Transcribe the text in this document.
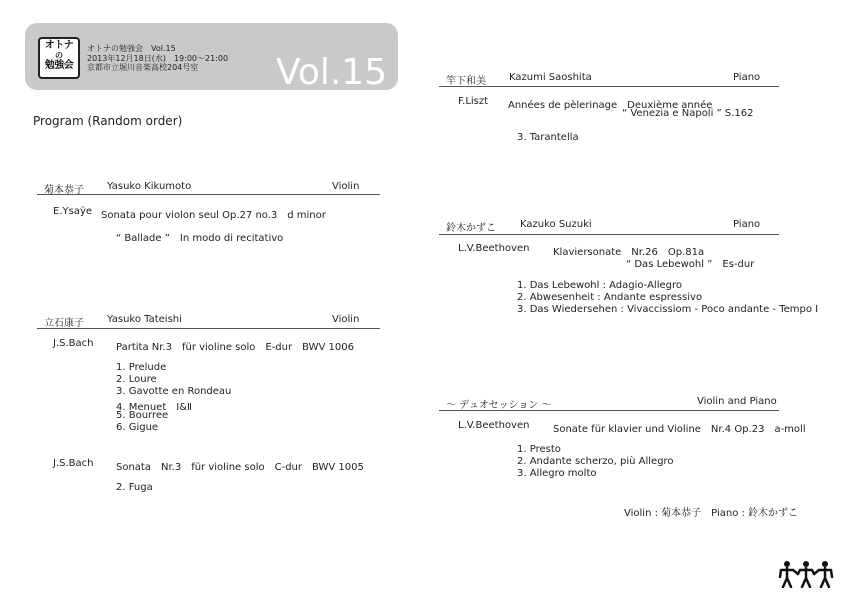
オトナ
の
勉強会
オトナの勉強会　Vol.15
2013年12月18日(水)　19:00～21:00
京都市立堀川音楽高校204号室 Vol.15
Program (Random order)
菊本恭子 Yasuko Kikumoto	Violin
E.Ysaÿe Sonata pour violon seul Op.27 no.3　d minor
“ Ballade ”　In modo di recitativo
立石康子 Yasuko Tateishi	Violin
J.S.Bach Partita Nr.3　für violine solo　E-dur　BWV 1006
1. Prelude
2. Loure
3. Gavotte en Rondeau
4. Menuet　Ⅰ&Ⅱ
5. Bourree
6. Gigue
J.S.Bach Sonata　Nr.3　für violine solo　C-dur　BWV 1005
2. Fuga
竿下和美 Kazumi Saoshita	Piano
F.Liszt Années de pèlerinage　Deuxième année
“ Venezia e Napoli ” S.162
3. Tarantella
鈴木かずこ Kazuko Suzuki	Piano
L.V.Beethoven Klaviersonate　Nr.26　Op.81a
“ Das Lebewohl ”　Es-dur
1. Das Lebewohl : Adagio-Allegro
2. Abwesenheit : Andante espressivo
3. Das Wiedersehen : Vivaccissiom - Poco andante - Tempo I
～ デュオセッション ～	Violin and Piano
L.V.Beethoven Sonate für klavier und Violine　Nr.4 Op.23　a-moll
1. Presto
2. Andante scherzo, più Allegro
3. Allegro molto
Violin : 菊本恭子　Piano : 鈴木かずこ
